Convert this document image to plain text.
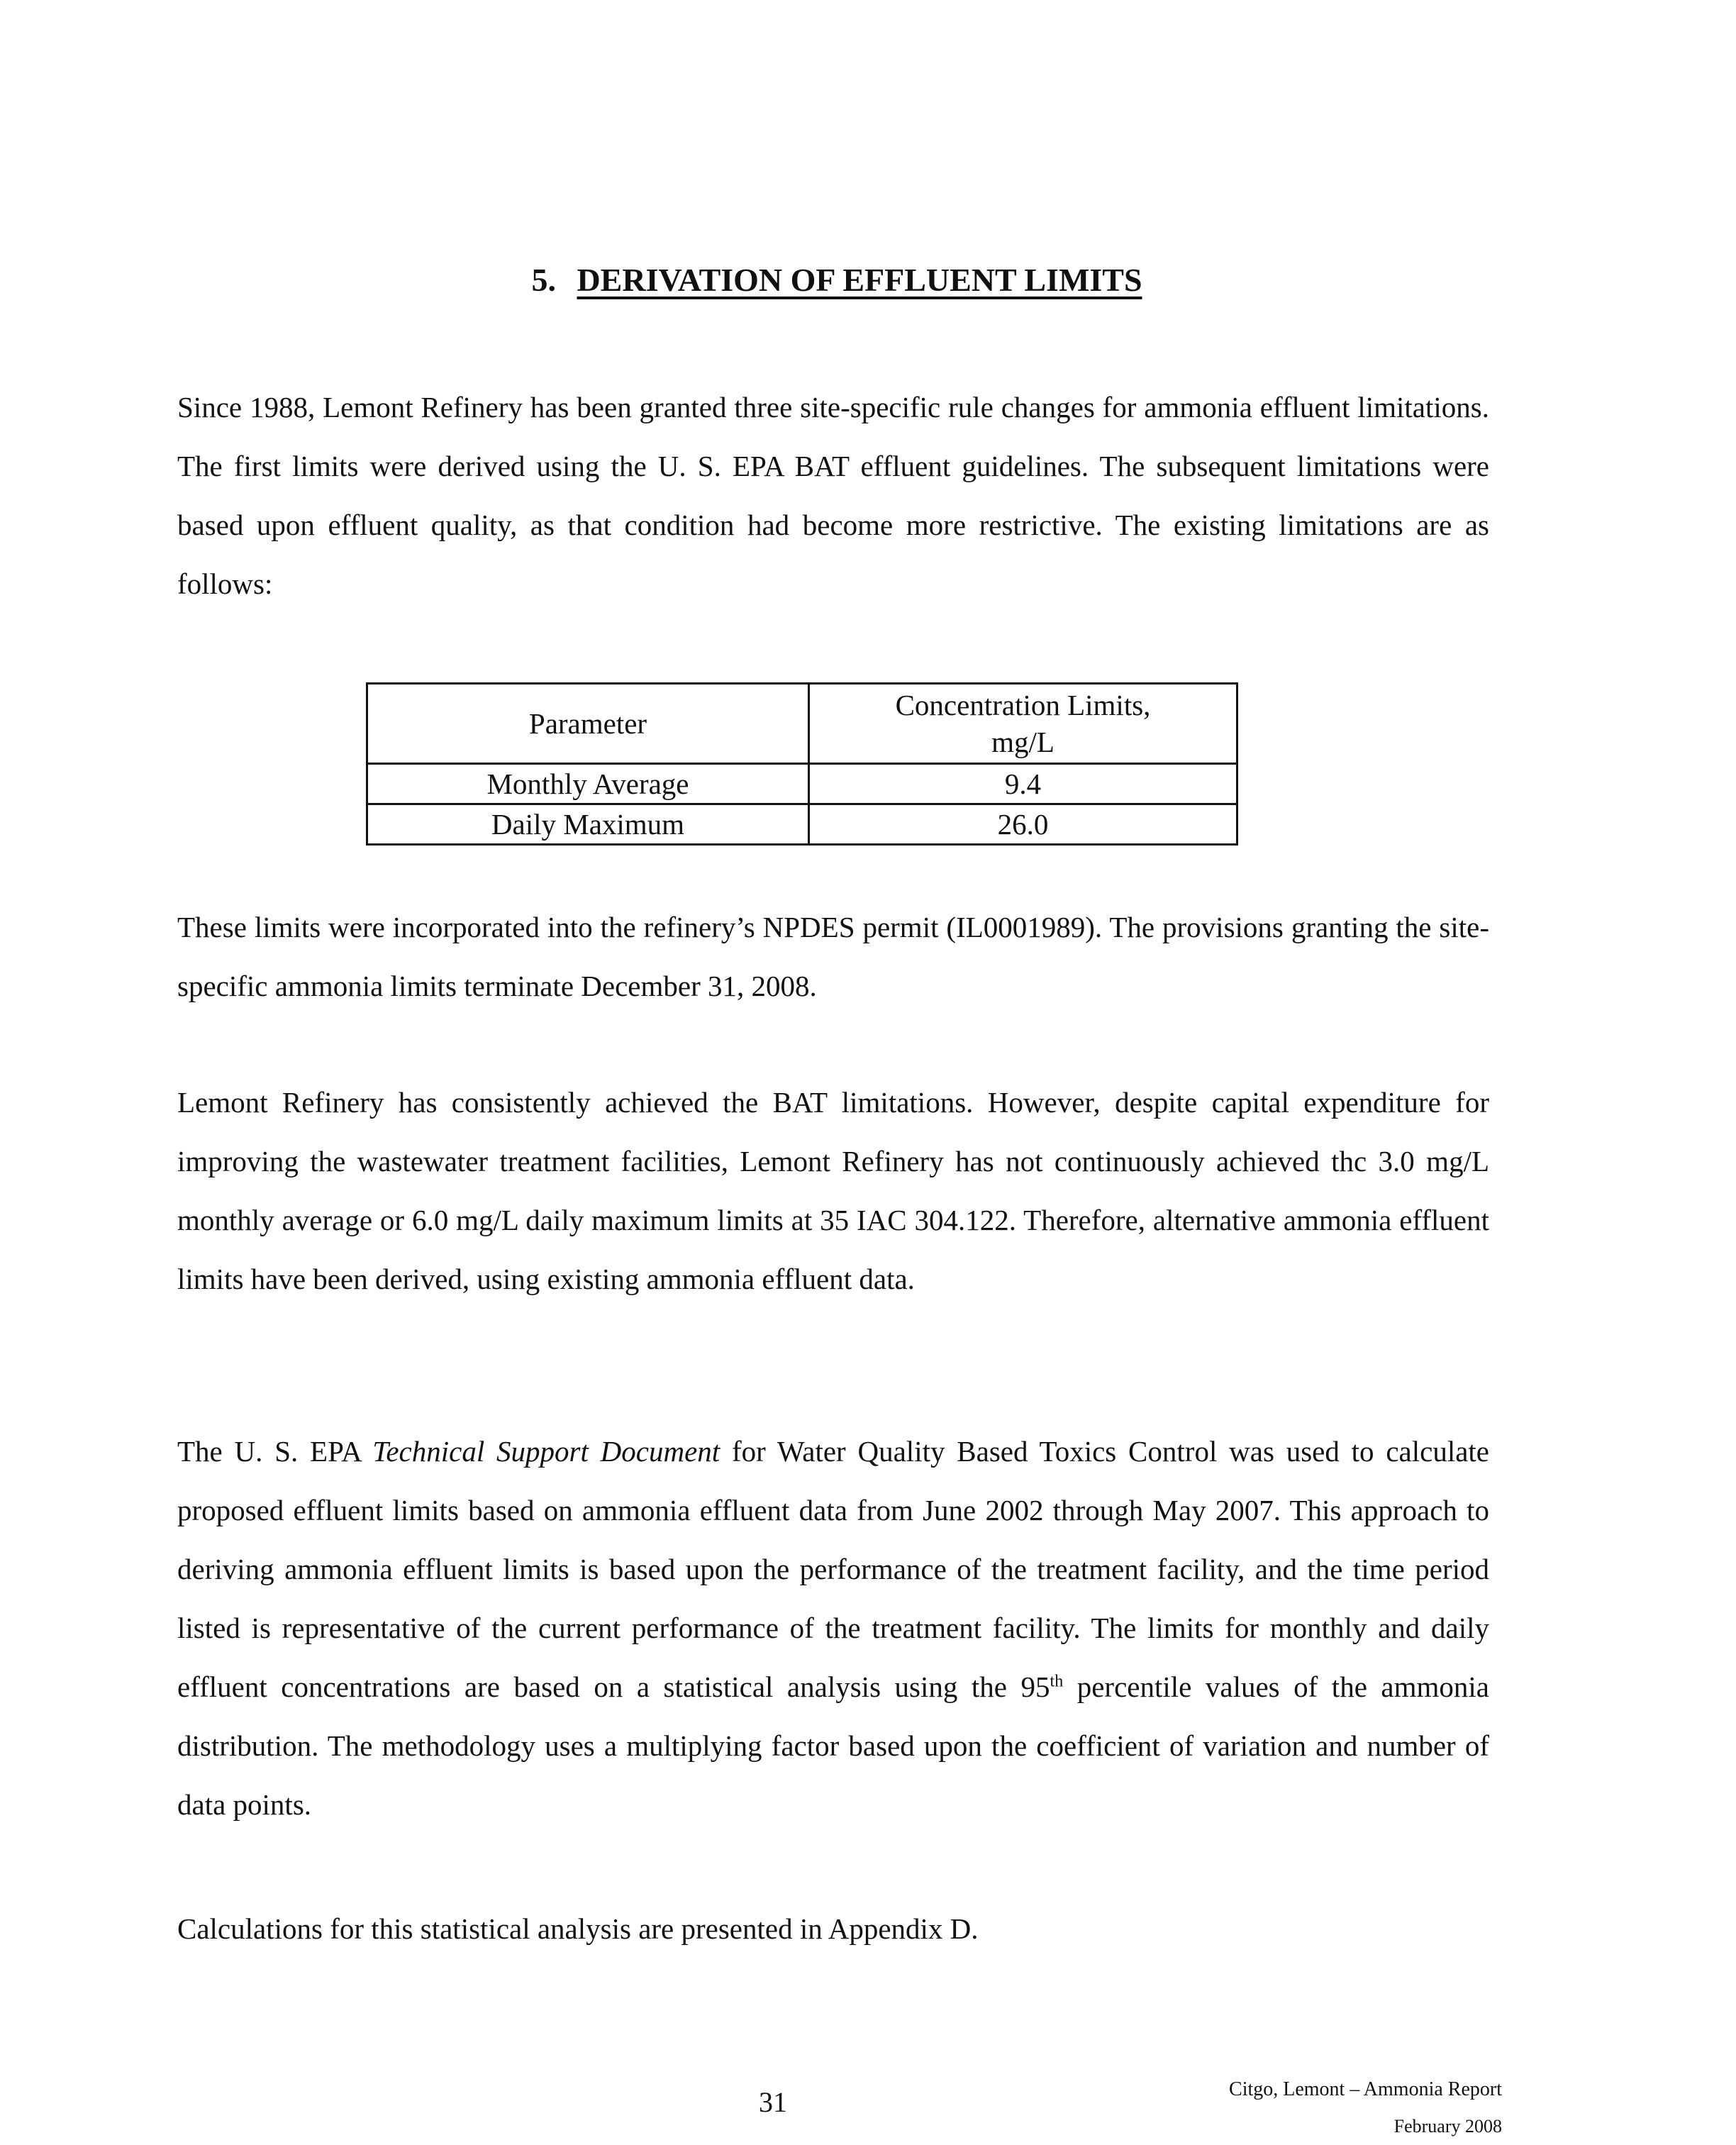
5. DERIVATION OF EFFLUENT LIMITS

Since 1988, Lemont Refinery has been granted three site-specific rule changes for ammonia effluent limitations. The first limits were derived using the U. S. EPA BAT effluent guidelines. The subsequent limitations were based upon effluent quality, as that condition had become more restrictive. The existing limitations are as follows:

Parameter	Concentration Limits,
mg/L
Monthly Average	9.4
Daily Maximum	26.0

These limits were incorporated into the refinery’s NPDES permit (IL0001989). The provisions granting the site-specific ammonia limits terminate December 31, 2008.

Lemont Refinery has consistently achieved the BAT limitations. However, despite capital expenditure for improving the wastewater treatment facilities, Lemont Refinery has not continuously achieved thc 3.0 mg/L monthly average or 6.0 mg/L daily maximum limits at 35 IAC 304.122. Therefore, alternative ammonia effluent limits have been derived, using existing ammonia effluent data.

The U. S. EPA Technical Support Document for Water Quality Based Toxics Control was used to calculate proposed effluent limits based on ammonia effluent data from June 2002 through May 2007. This approach to deriving ammonia effluent limits is based upon the performance of the treatment facility, and the time period listed is representative of the current performance of the treatment facility. The limits for monthly and daily effluent concentrations are based on a statistical analysis using the 95th percentile values of the ammonia distribution. The methodology uses a multiplying factor based upon the coefficient of variation and number of data points.

Calculations for this statistical analysis are presented in Appendix D.

31	Citgo, Lemont – Ammonia Report
February 2008
